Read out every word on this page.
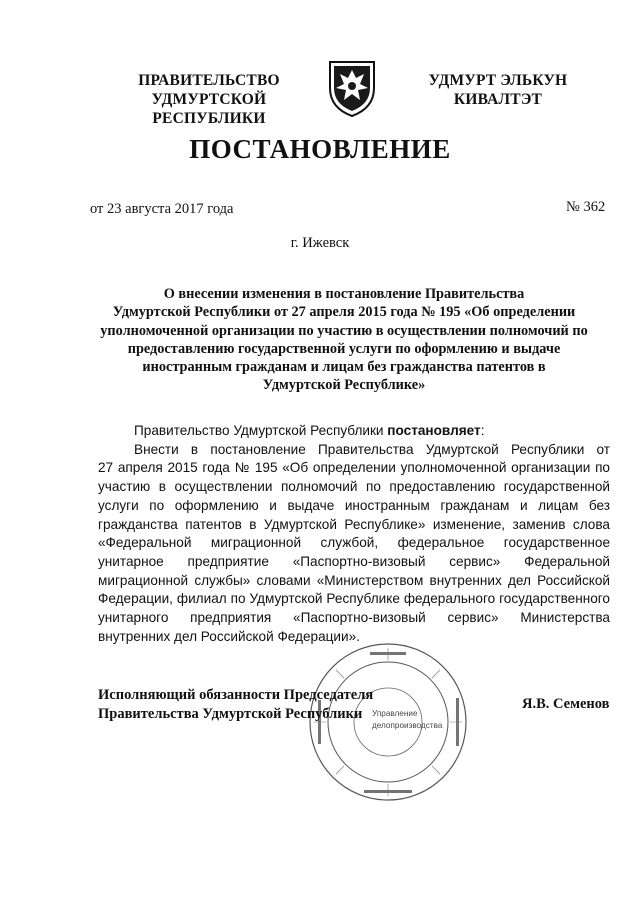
ПРАВИТЕЛЬСТВО
УДМУРТСКОЙ РЕСПУБЛИКИ
УДМУРТ ЭЛЬКУН
КИВАЛТЭТ
ПОСТАНОВЛЕНИЕ
от 23 августа 2017 года	№ 362
г. Ижевск
О внесении изменения в постановление Правительства
Удмуртской Республики от 27 апреля 2015 года № 195 «Об определении
уполномоченной организации по участию в осуществлении полномочий по
предоставлению государственной услуги по оформлению и выдаче
иностранным гражданам и лицам без гражданства патентов в
Удмуртской Республике»
Правительство Удмуртской Республики постановляет:
Внести в постановление Правительства Удмуртской Республики от
27 апреля 2015 года № 195 «Об определении уполномоченной организации по
участию в осуществлении полномочий по предоставлению государственной
услуги по оформлению и выдаче иностранным гражданам и лицам без
гражданства патентов в Удмуртской Республике» изменение, заменив слова
«Федеральной миграционной службой, федеральное государственное
унитарное предприятие «Паспортно-визовый сервис» Федеральной
миграционной службы» словами «Министерством внутренних дел Российской
Федерации, филиал по Удмуртской Республике федерального государственного
унитарного предприятия «Паспортно-визовый сервис» Министерства
внутренних дел Российской Федерации».
Управление
делопроизводства
Исполняющий обязанности Председателя
Правительства Удмуртской Республики
Я.В. Семенов
